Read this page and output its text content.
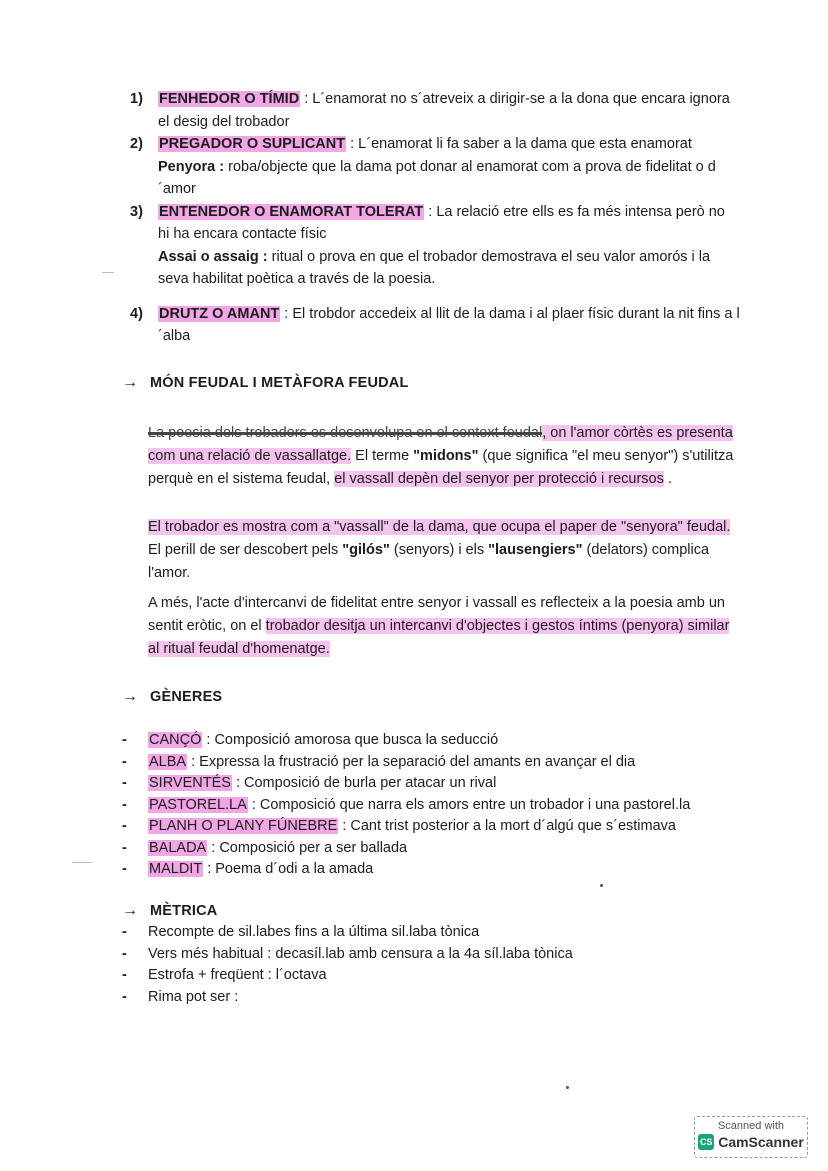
1)	FENHEDOR O TÍMID : L´enamorat no s´atreveix a dirigir-se a la dona que encara ignora el desig del trobador
2)	PREGADOR O SUPLICANT : L´enamorat li fa saber a la dama que esta enamorat
Penyora : roba/objecte que la dama pot donar al enamorat com a prova de fidelitat o d´amor
3)	ENTENEDOR O ENAMORAT TOLERAT : La relació etre ells es fa més intensa però no hi ha encara contacte físic
Assai o assaig : ritual o prova en que el trobador demostrava el seu valor amorós i la seva habilitat poètica a través de la poesia.
4)	DRUTZ O AMANT : El trobdor accedeix al llit de la dama i al plaer físic durant la nit fins a l´alba
→ MÓN FEUDAL I METÀFORA FEUDAL
La poesia dels trobadors es desenvolupa en el context feudal, on l'amor còrtès es presenta com una relació de vassallatge. El terme "midons" (que significa "el meu senyor") s'utilitza perquè en el sistema feudal, el vassall depèn del senyor per protecció i recursos .
El trobador es mostra com a "vassall" de la dama, que ocupa el paper de "senyora" feudal. El perill de ser descobert pels "gilós" (senyors) i els "lausengiers" (delators) complica l'amor.
A més, l'acte d'intercanvi de fidelitat entre senyor i vassall es reflecteix a la poesia amb un sentit eròtic, on el trobador desitja un intercanvi d'objectes i gestos íntims (penyora) similar al ritual feudal d'homenatge.
→ GÈNERES
-	CANÇÓ : Composició amorosa que busca la seducció
-	ALBA : Expressa la frustració per la separació del amants en avançar el dia
-	SIRVENTÉS : Composició de burla per atacar un rival
-	PASTOREL.LA : Composició que narra els amors entre un trobador i una pastorel.la
-	PLANH O PLANY FÚNEBRE : Cant trist posterior a la mort d´algú que s´estimava
-	BALADA : Composició per a ser ballada
-	MALDIT : Poema d´odi a la amada
→ MÈTRICA
-	Recompte de sil.labes fins a la última sil.laba tònica
-	Vers més habitual : decasíl.lab amb censura a la 4a síl.laba tònica
-	Estrofa + freqüent : l´octava
-	Rima pot ser :
Scanned with
CS CamScanner
